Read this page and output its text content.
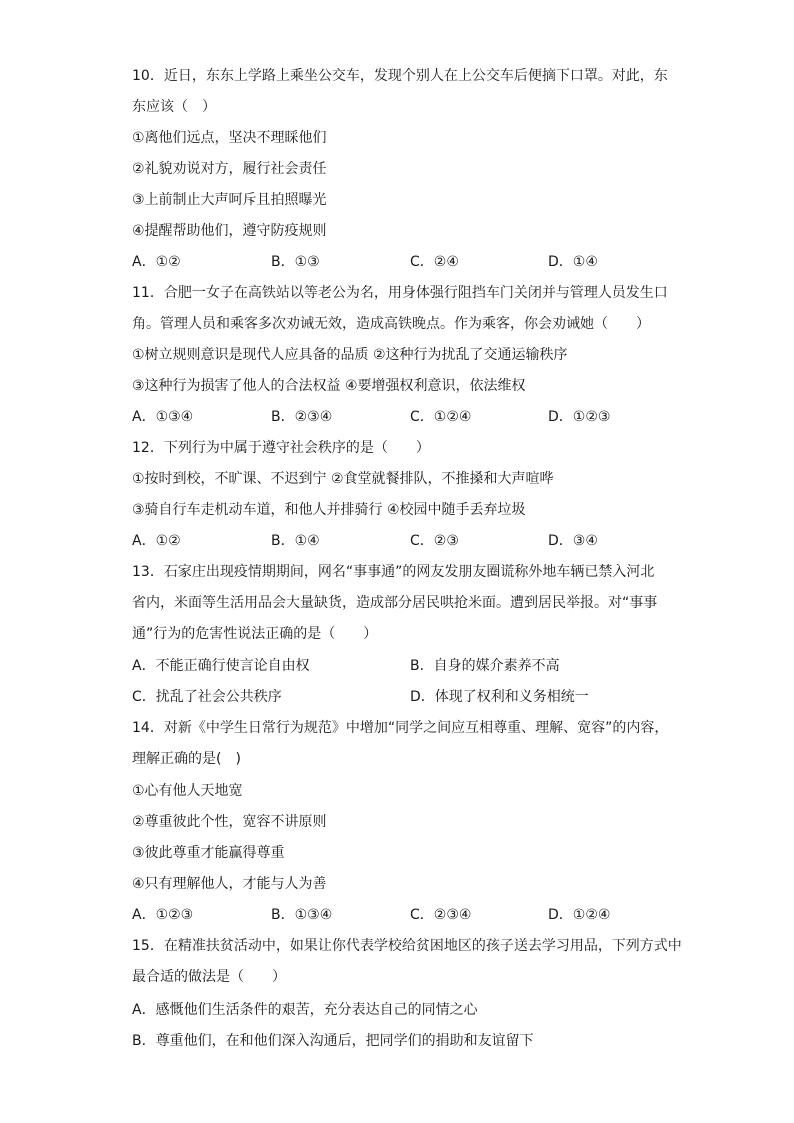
10．近日，东东上学路上乘坐公交车，发现个别人在上公交车后便摘下口罩。对此，东
东应该（　）
①离他们远点，坚决不理睬他们
②礼貌劝说对方，履行社会责任
③上前制止大声呵斥且拍照曝光
④提醒帮助他们，遵守防疫规则
A．①②	B．①③	C．②④	D．①④
11．合肥一女子在高铁站以等老公为名，用身体强行阻挡车门关闭并与管理人员发生口
角。管理人员和乘客多次劝诫无效，造成高铁晚点。作为乘客，你会劝诫她（　　）
①树立规则意识是现代人应具备的品质 ②这种行为扰乱了交通运输秩序
③这种行为损害了他人的合法权益 ④要增强权利意识，依法维权
A．①③④	B．②③④	C．①②④	D．①②③
12．下列行为中属于遵守社会秩序的是（　　）
①按时到校，不旷课、不迟到宁 ②食堂就餐排队，不推搡和大声喧哗
③骑自行车走机动车道，和他人并排骑行 ④校园中随手丢弃垃圾
A．①②	B．①④	C．②③	D．③④
13．石家庄出现疫情期期间，网名“事事通”的网友发朋友圈谎称外地车辆已禁入河北
省内，米面等生活用品会大量缺货，造成部分居民哄抢米面。遭到居民举报。对“事事
通”行为的危害性说法正确的是（　　）
A．不能正确行使言论自由权	B．自身的媒介素养不高
C．扰乱了社会公共秩序	D．体现了权利和义务相统一
14．对新《中学生日常行为规范》中增加“同学之间应互相尊重、理解、宽容”的内容，
理解正确的是(　)
①心有他人天地宽
②尊重彼此个性，宽容不讲原则
③彼此尊重才能赢得尊重
④只有理解他人，才能与人为善
A．①②③	B．①③④	C．②③④	D．①②④
15．在精准扶贫活动中，如果让你代表学校给贫困地区的孩子送去学习用品，下列方式中
最合适的做法是（　　）
A．感慨他们生活条件的艰苦，充分表达自己的同情之心
B．尊重他们，在和他们深入沟通后，把同学们的捐助和友谊留下
